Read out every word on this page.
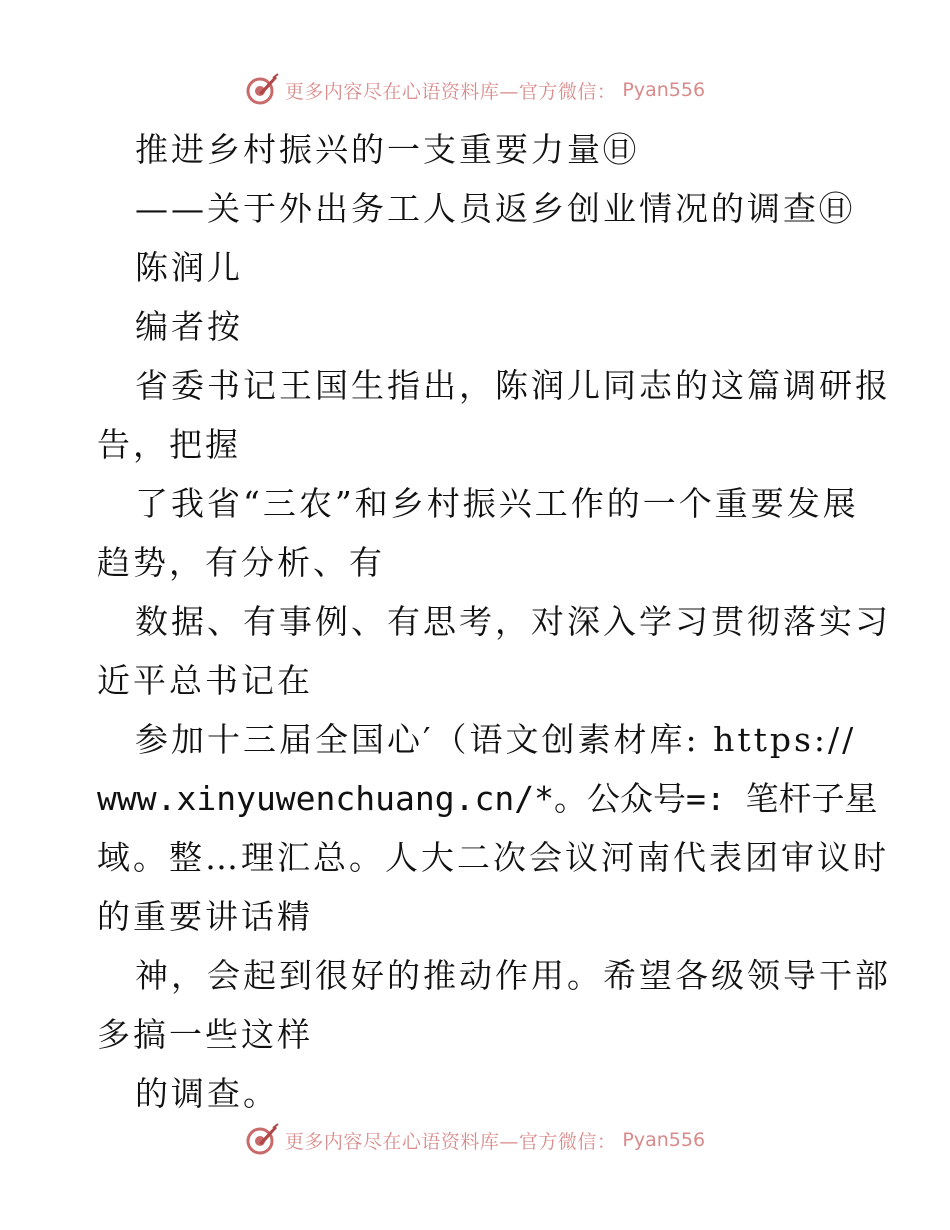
更多内容尽在心语资料库—官方微信： Pyan556
推进乡村振兴的一支重要力量㊐
——关于外出务工人员返乡创业情况的调查㊐
陈润儿
编者按
省委书记王国生指出，陈润儿同志的这篇调研报
告，把握
了我省“三农”和乡村振兴工作的一个重要发展
趋势，有分析、有
数据、有事例、有思考，对深入学习贯彻落实习
近平总书记在
参加十三届全国心′（语文创素材库: https://
www.xinyuwenchuang.cn/*。公众号=: 笔杆子星
域。整…理汇总。人大二次会议河南代表团审议时
的重要讲话精
神，会起到很好的推动作用。希望各级领导干部
多搞一些这样
的调查。
更多内容尽在心语资料库—官方微信： Pyan556
